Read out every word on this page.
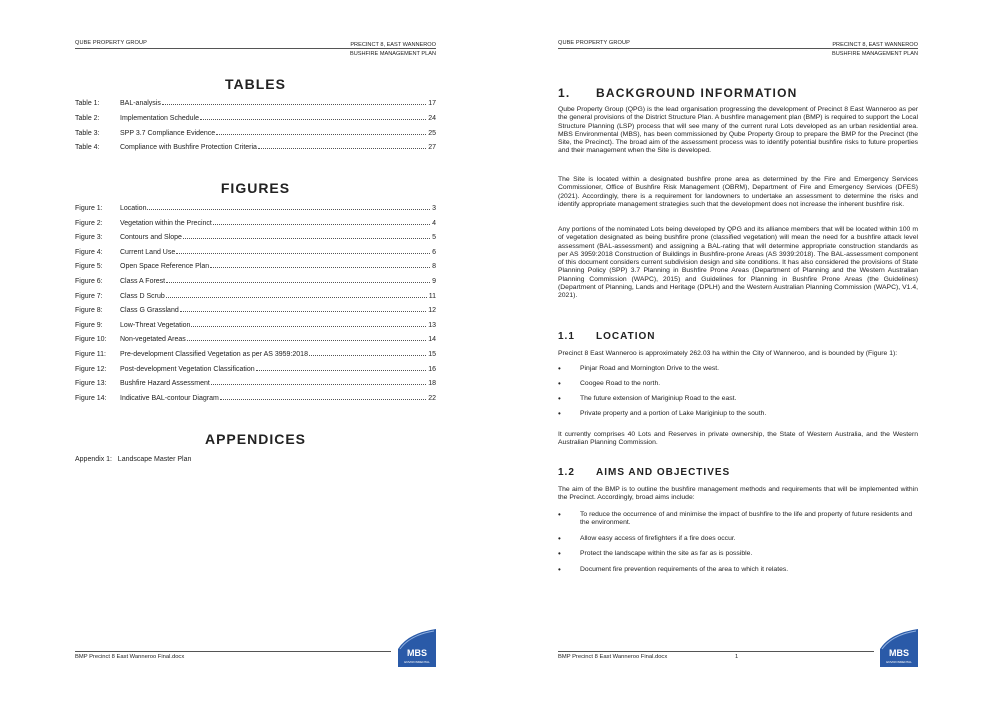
QUBE PROPERTY GROUP	PRECINCT 8, EAST WANNEROO
BUSHFIRE MANAGEMENT PLAN
TABLES
Table 1:	BAL-analysis	17
Table 2:	Implementation Schedule	24
Table 3:	SPP 3.7 Compliance Evidence	25
Table 4:	Compliance with Bushfire Protection Criteria	27
FIGURES
Figure 1:	Location	3
Figure 2:	Vegetation within the Precinct	4
Figure 3:	Contours and Slope	5
Figure 4:	Current Land Use	6
Figure 5:	Open Space Reference Plan	8
Figure 6:	Class A Forest	9
Figure 7:	Class D Scrub	11
Figure 8:	Class G Grassland	12
Figure 9:	Low-Threat Vegetation	13
Figure 10:	Non-vegetated Areas	14
Figure 11:	Pre-development Classified Vegetation as per AS 3959:2018	15
Figure 12:	Post-development Vegetation Classification	16
Figure 13:	Bushfire Hazard Assessment	18
Figure 14:	Indicative BAL-contour Diagram	22
APPENDICES
Appendix 1:   Landscape Master Plan
BMP Precinct 8 East Wanneroo Final.docx	MBS
ENVIRONMENTAL
QUBE PROPERTY GROUP	PRECINCT 8, EAST WANNEROO
BUSHFIRE MANAGEMENT PLAN
1. BACKGROUND INFORMATION
Qube Property Group (QPG) is the lead organisation progressing the development of Precinct 8 East Wanneroo as per the general provisions of the District Structure Plan. A bushfire management plan (BMP) is required to support the Local Structure Planning (LSP) process that will see many of the current rural Lots developed as an urban residential area. MBS Environmental (MBS), has been commissioned by Qube Property Group to prepare the BMP for the Precinct (the Site, the Precinct). The broad aim of the assessment process was to identify potential bushfire risks to future properties and their management when the Site is developed.
The Site is located within a designated bushfire prone area as determined by the Fire and Emergency Services Commissioner, Office of Bushfire Risk Management (OBRM), Department of Fire and Emergency Services (DFES) (2021). Accordingly, there is a requirement for landowners to undertake an assessment to determine the risks and identify appropriate management strategies such that the development does not increase the inherent bushfire risk.
Any portions of the nominated Lots being developed by QPG and its alliance members that will be located within 100 m of vegetation designated as being bushfire prone (classified vegetation) will mean the need for a bushfire attack level assessment (BAL-assessment) and assigning a BAL-rating that will determine appropriate construction standards as per AS 3959:2018 Construction of Buildings in Bushfire-prone Areas (AS 3939:2018). The BAL-assessment component of this document considers current subdivision design and site conditions. It has also considered the provisions of State Planning Policy (SPP) 3.7 Planning in Bushfire Prone Areas (Department of Planning and the Western Australian Planning Commission (WAPC), 2015) and Guidelines for Planning in Bushfire Prone Areas (the Guidelines) (Department of Planning, Lands and Heritage (DPLH) and the Western Australian Planning Commission (WAPC), V1.4, 2021).
1.1 LOCATION
Precinct 8 East Wanneroo is approximately 262.03 ha within the City of Wanneroo, and is bounded by (Figure 1):
•	Pinjar Road and Mornington Drive to the west.
•	Coogee Road to the north.
•	The future extension of Mariginiup Road to the east.
•	Private property and a portion of Lake Mariginiup to the south.
It currently comprises 40 Lots and Reserves in private ownership, the State of Western Australia, and the Western Australian Planning Commission.
1.2 AIMS AND OBJECTIVES
The aim of the BMP is to outline the bushfire management methods and requirements that will be implemented within the Precinct. Accordingly, broad aims include:
•	To reduce the occurrence of and minimise the impact of bushfire to the life and property of future residents and the environment.
•	Allow easy access of firefighters if a fire does occur.
•	Protect the landscape within the site as far as is possible.
•	Document fire prevention requirements of the area to which it relates.
BMP Precinct 8 East Wanneroo Final.docx	1	MBS
ENVIRONMENTAL
